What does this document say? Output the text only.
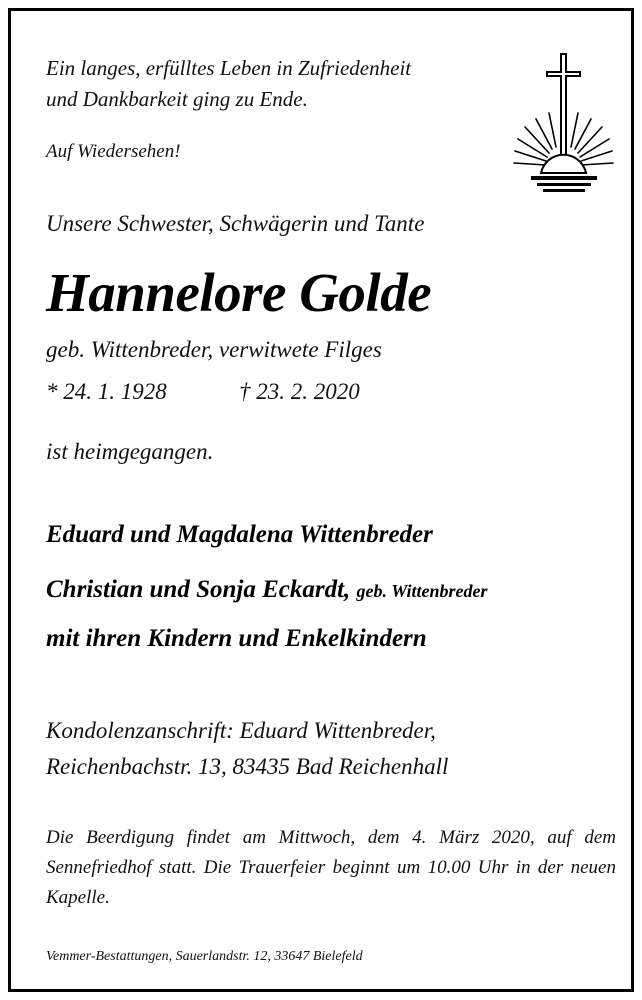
Ein langes, erfülltes Leben in Zufriedenheit
und Dankbarkeit ging zu Ende.

Auf Wiedersehen!

Unsere Schwester, Schwägerin und Tante

Hannelore Golde

geb. Wittenbreder, verwitwete Filges

* 24. 1. 1928	† 23. 2. 2020

ist heimgegangen.

Eduard und Magdalena Wittenbreder

Christian und Sonja Eckardt, geb. Wittenbreder

mit ihren Kindern und Enkelkindern

Kondolenzanschrift: Eduard Wittenbreder,
Reichenbachstr. 13, 83435 Bad Reichenhall

Die Beerdigung findet am Mittwoch, dem 4. März 2020, auf dem Sennefriedhof statt. Die Trauerfeier beginnt um 10.00 Uhr in der neuen Kapelle.

Vemmer-Bestattungen, Sauerlandstr. 12, 33647 Bielefeld
